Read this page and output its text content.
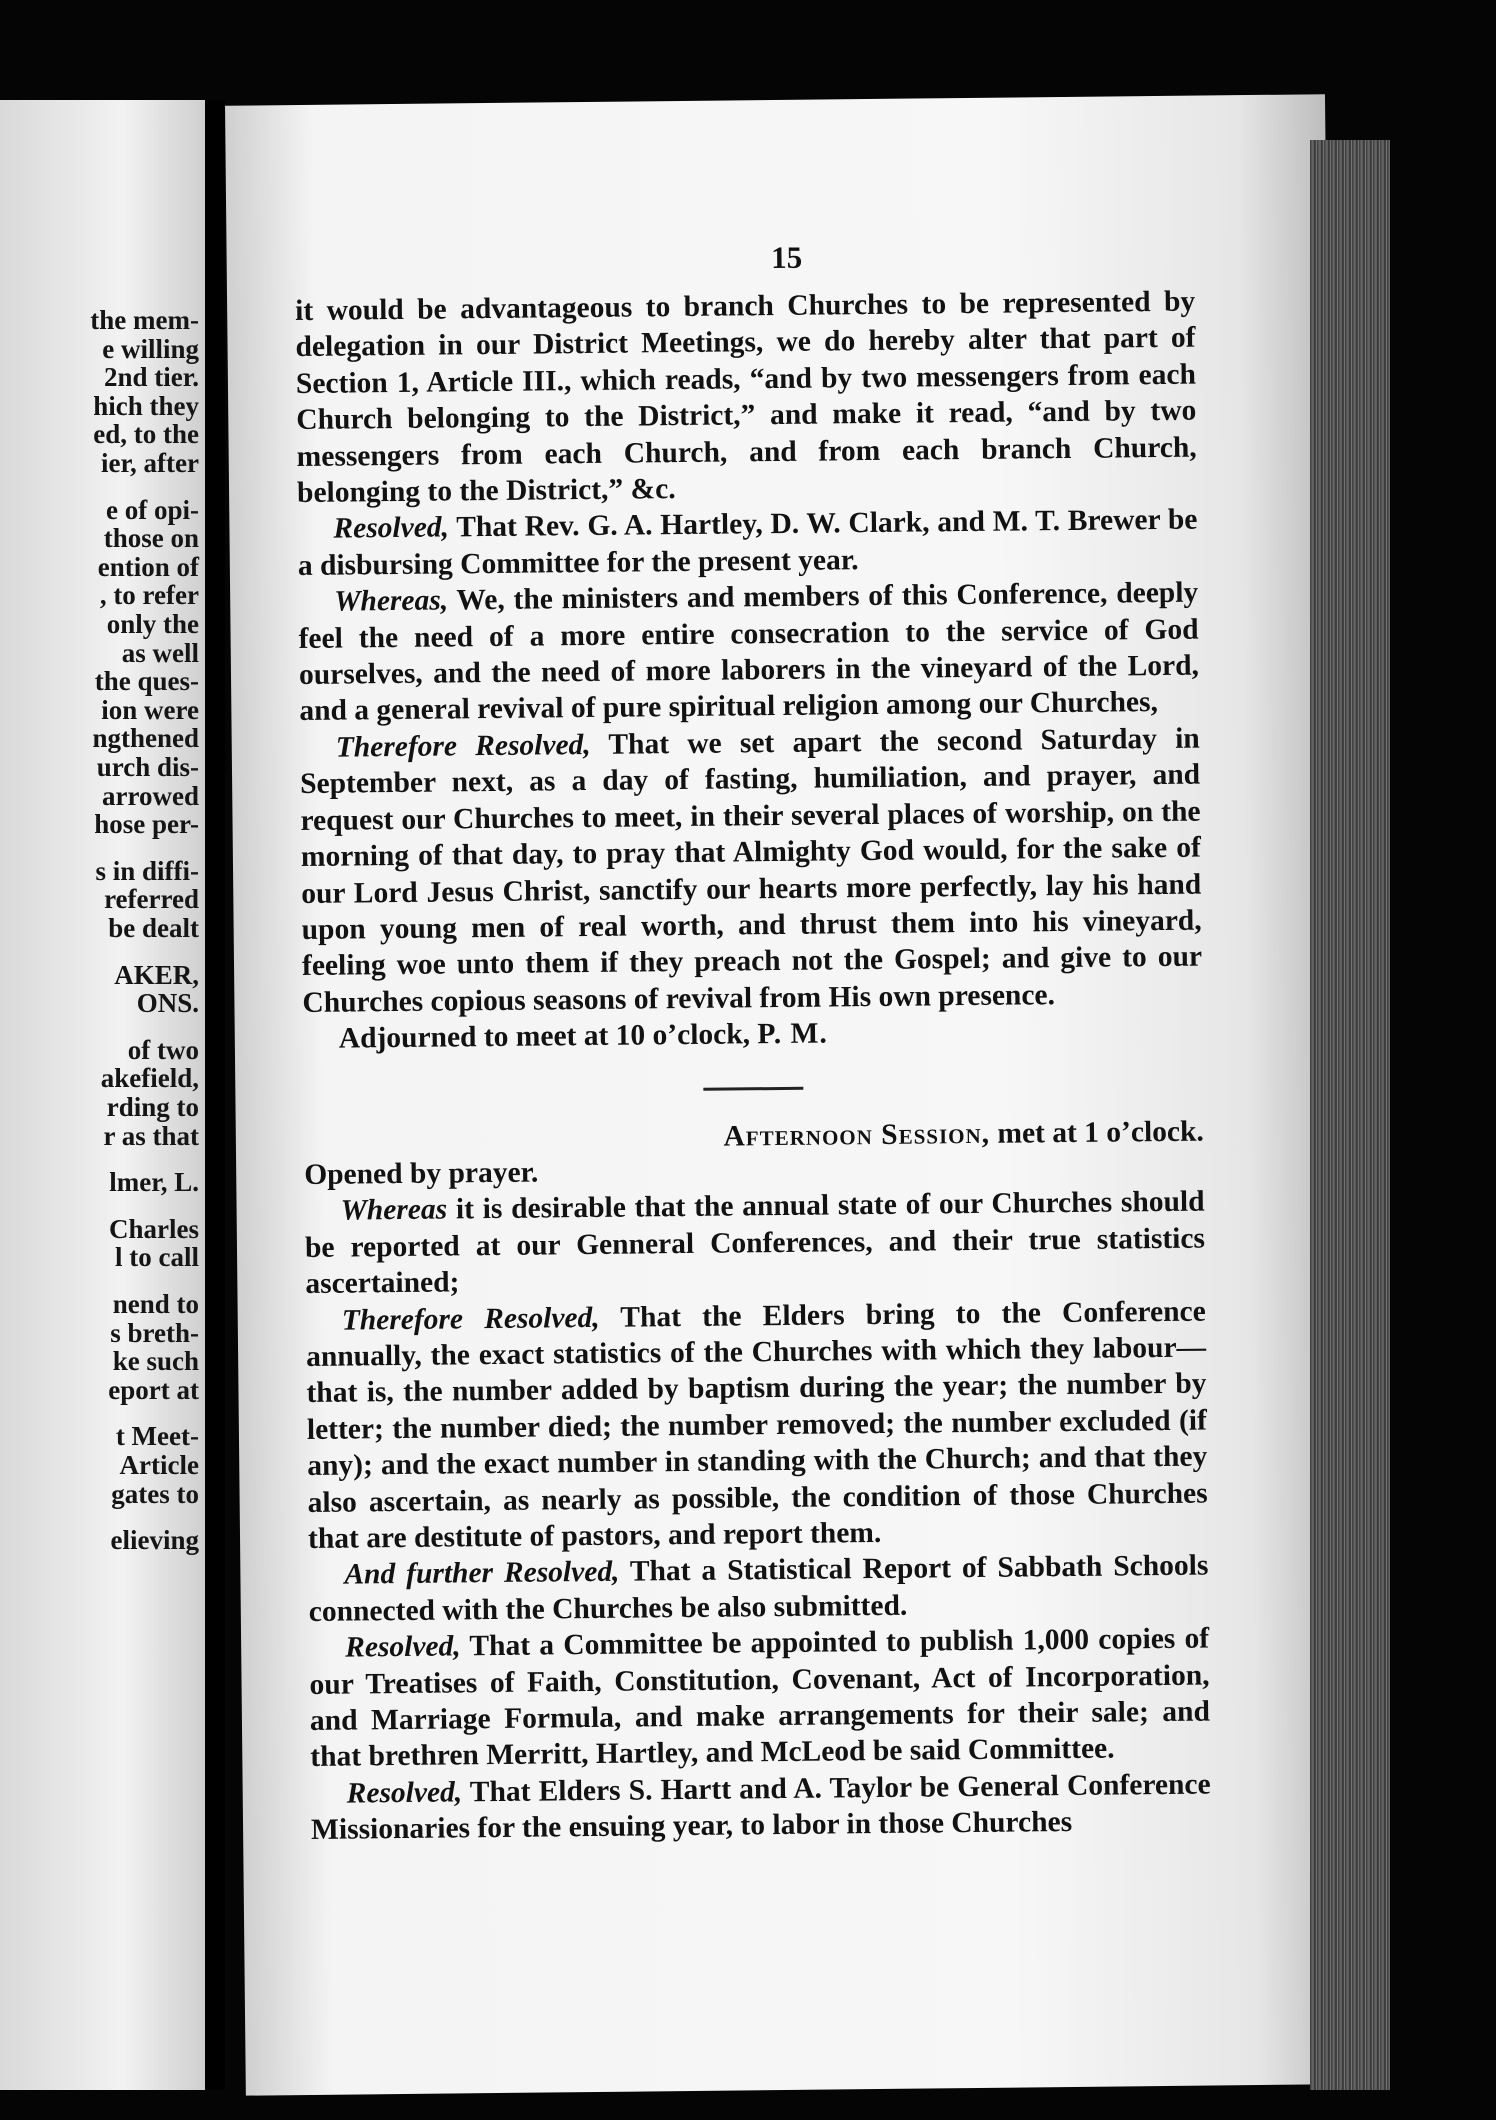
the mem-
e willing
2nd tier.
hich they
ed, to the
ier, after
e of opi-
those on
ention of
, to refer
only the
as well
the ques-
ion were
ngthened
urch dis-
arrowed
hose per-
s in diffi-
referred
be dealt
AKER,
ONS.
of two
akefield,
rding to
r as that
lmer, L.
Charles
l to call
nend to
s breth-
ke such
eport at
t Meet-
Article
gates to
elieving
15

it would be advantageous to branch Churches to be represented by delegation in our District Meetings, we do hereby alter that part of Section 1, Article III., which reads, “and by two messengers from each Church belonging to the District,” and make it read, “and by two messengers from each Church, and from each branch Church, belonging to the District,” &c.

Resolved, That Rev. G. A. Hartley, D. W. Clark, and M. T. Brewer be a disbursing Committee for the present year.

Whereas, We, the ministers and members of this Conference, deeply feel the need of a more entire consecration to the service of God ourselves, and the need of more laborers in the vineyard of the Lord, and a general revival of pure spiritual religion among our Churches,

Therefore Resolved, That we set apart the second Saturday in September next, as a day of fasting, humiliation, and prayer, and request our Churches to meet, in their several places of worship, on the morning of that day, to pray that Almighty God would, for the sake of our Lord Jesus Christ, sanctify our hearts more perfectly, lay his hand upon young men of real worth, and thrust them into his vineyard, feeling woe unto them if they preach not the Gospel; and give to our Churches copious seasons of revival from His own presence.

Adjourned to meet at 10 o’clock, P. M.

Afternoon Session, met at 1 o’clock.

Opened by prayer.

Whereas it is desirable that the annual state of our Churches should be reported at our Genneral Conferences, and their true statistics ascertained;

Therefore Resolved, That the Elders bring to the Conference annually, the exact statistics of the Churches with which they labour—that is, the number added by baptism during the year; the number by letter; the number died; the number removed; the number excluded (if any); and the exact number in standing with the Church; and that they also ascertain, as nearly as possible, the condition of those Churches that are destitute of pastors, and report them.

And further Resolved, That a Statistical Report of Sabbath Schools connected with the Churches be also submitted.

Resolved, That a Committee be appointed to publish 1,000 copies of our Treatises of Faith, Constitution, Covenant, Act of Incorporation, and Marriage Formula, and make arrangements for their sale; and that brethren Merritt, Hartley, and McLeod be said Committee.

Resolved, That Elders S. Hartt and A. Taylor be General Conference Missionaries for the ensuing year, to labor in those Churches
